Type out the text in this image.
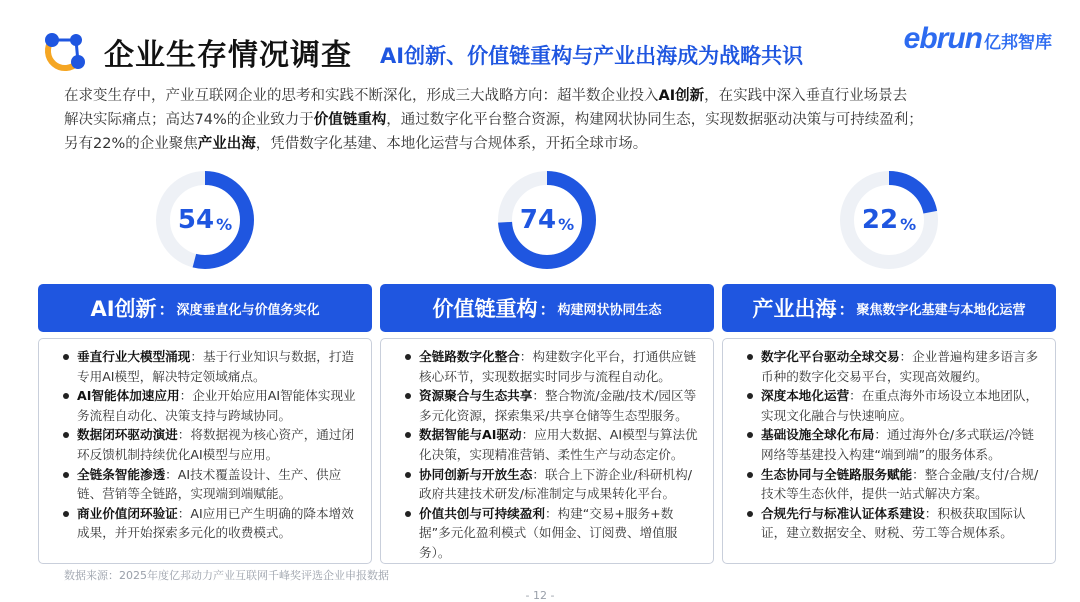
企业生存情况调查 AI创新、价值链重构与产业出海成为战略共识
ebrun 亿邦智库
在求变生存中，产业互联网企业的思考和实践不断深化，形成三大战略方向：超半数企业投入AI创新，在实践中深入垂直行业场景去
解决实际痛点；高达74%的企业致力于价值链重构，通过数字化平台整合资源，构建网状协同生态，实现数据驱动决策与可持续盈利；
另有22%的企业聚焦产业出海，凭借数字化基建、本地化运营与合规体系，开拓全球市场。
54 %
AI创新 ： 深度垂直化与价值务实化
垂直行业大模型涌现：基于行业知识与数据，打造专用AI模型，解决特定领域痛点。
AI智能体加速应用：企业开始应用AI智能体实现业务流程自动化、决策支持与跨域协同。
数据闭环驱动演进：将数据视为核心资产，通过闭环反馈机制持续优化AI模型与应用。
全链条智能渗透：AI技术覆盖设计、生产、供应链、营销等全链路，实现端到端赋能。
商业价值闭环验证：AI应用已产生明确的降本增效成果，并开始探索多元化的收费模式。
74 %
价值链重构 ： 构建网状协同生态
全链路数字化整合：构建数字化平台，打通供应链核心环节，实现数据实时同步与流程自动化。
资源聚合与生态共享：整合物流/金融/技术/园区等多元化资源，探索集采/共享仓储等生态型服务。
数据智能与AI驱动：应用大数据、AI模型与算法优化决策，实现精准营销、柔性生产与动态定价。
协同创新与开放生态：联合上下游企业/科研机构/政府共建技术研发/标准制定与成果转化平台。
价值共创与可持续盈利：构建“交易+服务+数据”多元化盈利模式（如佣金、订阅费、增值服务）。
22 %
产业出海 ： 聚焦数字化基建与本地化运营
数字化平台驱动全球交易：企业普遍构建多语言多币种的数字化交易平台，实现高效履约。
深度本地化运营：在重点海外市场设立本地团队，实现文化融合与快速响应。
基础设施全球化布局：通过海外仓/多式联运/冷链网络等基建投入构建“端到端”的服务体系。
生态协同与全链路服务赋能：整合金融/支付/合规/技术等生态伙伴，提供一站式解决方案。
合规先行与标准认证体系建设：积极获取国际认证，建立数据安全、财税、劳工等合规体系。
数据来源：2025年度亿邦动力产业互联网千峰奖评选企业申报数据
- 12 -
